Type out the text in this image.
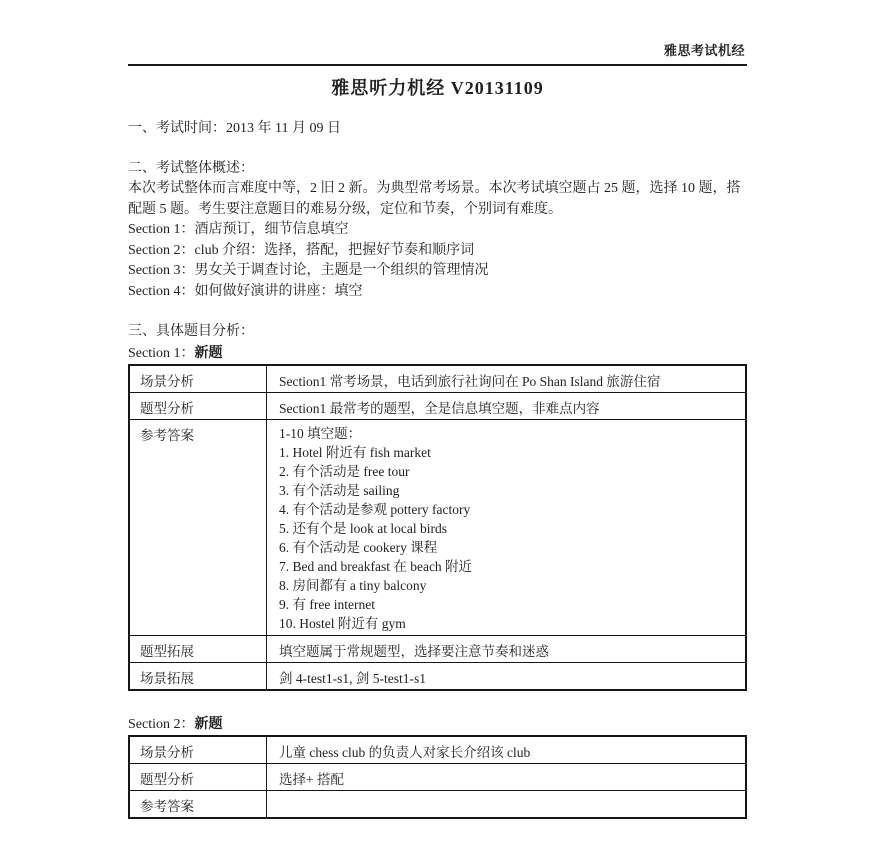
雅思考试机经
雅思听力机经 V20131109

一、考试时间：2013 年 11 月 09 日

二、考试整体概述：

本次考试整体而言难度中等，2 旧 2 新。为典型常考场景。本次考试填空题占 25 题，选择 10 题，搭配题 5 题。考生要注意题目的难易分级，定位和节奏，个别词有难度。

Section 1：酒店预订，细节信息填空

Section 2：club 介绍：选择，搭配，把握好节奏和顺序词

Section 3：男女关于调查讨论，主题是一个组织的管理情况

Section 4：如何做好演讲的讲座：填空

三、具体题目分析：

Section 1：新题

场景分析	Section1 常考场景，电话到旅行社询问在 Po Shan Island 旅游住宿
题型分析	Section1 最常考的题型，全是信息填空题，非难点内容
参考答案	1-10 填空题：
1. Hotel 附近有 fish market
2. 有个活动是 free tour
3. 有个活动是 sailing
4. 有个活动是参观 pottery factory
5. 还有个是 look at local birds
6. 有个活动是 cookery 课程
7. Bed and breakfast 在 beach 附近
8. 房间都有 a tiny balcony
9. 有 free internet
10. Hostel 附近有 gym

题型拓展	填空题属于常规题型，选择要注意节奏和迷惑
场景拓展	剑 4-test1-s1, 剑 5-test1-s1

Section 2：新题

场景分析	儿童 chess club 的负责人对家长介绍该 club
题型分析	选择+ 搭配
参考答案	
